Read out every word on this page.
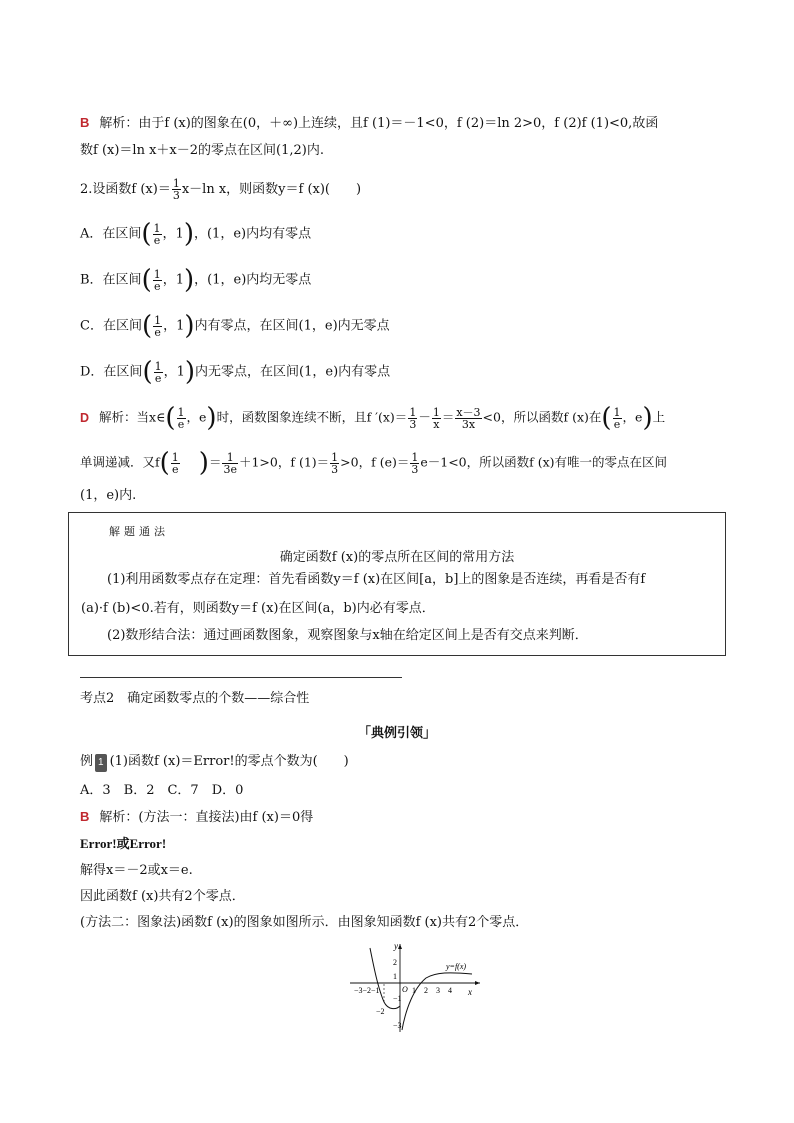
B 解析：由于f (x)的图象在(0，＋∞)上连续，且f (1)＝－1<0，f (2)＝ln 2>0，f (2)f (1)<0,故函
数f (x)＝ln x＋x－2的零点在区间(1,2)内.
2.设函数f $(x)= \frac{1}{3} x-\ln$ x，则函数y＝f (x)(　　)
A．在区间( $\frac{1}{e}$ ，1)，(1，e)内均有零点
B．在区间( $\frac{1}{e}$ ，1)，(1，e)内均无零点
C．在区间( $\frac{1}{e}$ ，1)内有零点，在区间(1，e)内无零点
D．在区间( $\frac{1}{e}$ ，1)内无零点，在区间(1，e)内有零点
D 解析：当x∈( $\frac{1}{e}$ ，e)时，函数图象连续不断，且f $'(x)= \frac{1}{3} - \frac{1}{x} = \frac{x-3}{3x} <0$，所以函数f (x)在( $\frac{1}{e}$ ，e)上
单调递减．又$f( \frac{1}{e}$ )＝ $\frac{1}{3e} +1>0$，f $(1)= \frac{1}{3} >0$，f $(e)= \frac{1}{3} e-1<0$，所以函数f (x)有唯一的零点在区间
(1，e)内.
解题通法
确定函数f (x)的零点所在区间的常用方法
(1)利用函数零点存在定理：首先看函数y＝f (x)在区间[a，b]上的图象是否连续，再看是否有f
(a)·f (b)<0.若有，则函数y＝f (x)在区间(a，b)内必有零点．
(2)数形结合法：通过画函数图象，观察图象与x轴在给定区间上是否有交点来判断．
考点2　确定函数零点的个数——综合性
「典例引领」
例 1 (1)函数f (x)＝Error!的零点个数为(　　)
A．3　B．2　C．7　D．0
B 解析：(方法一：直接法)由f (x)＝0得
Error!或Error!
解得x＝－2或x＝e.
因此函数f (x)共有2个零点．
(方法二：图象法)函数f (x)的图象如图所示．由图象知函数f (x)共有2个零点．
y
x
O
2
1
−1
−2
−3
−3−2−1	1 2 3 4
y=f(x)
